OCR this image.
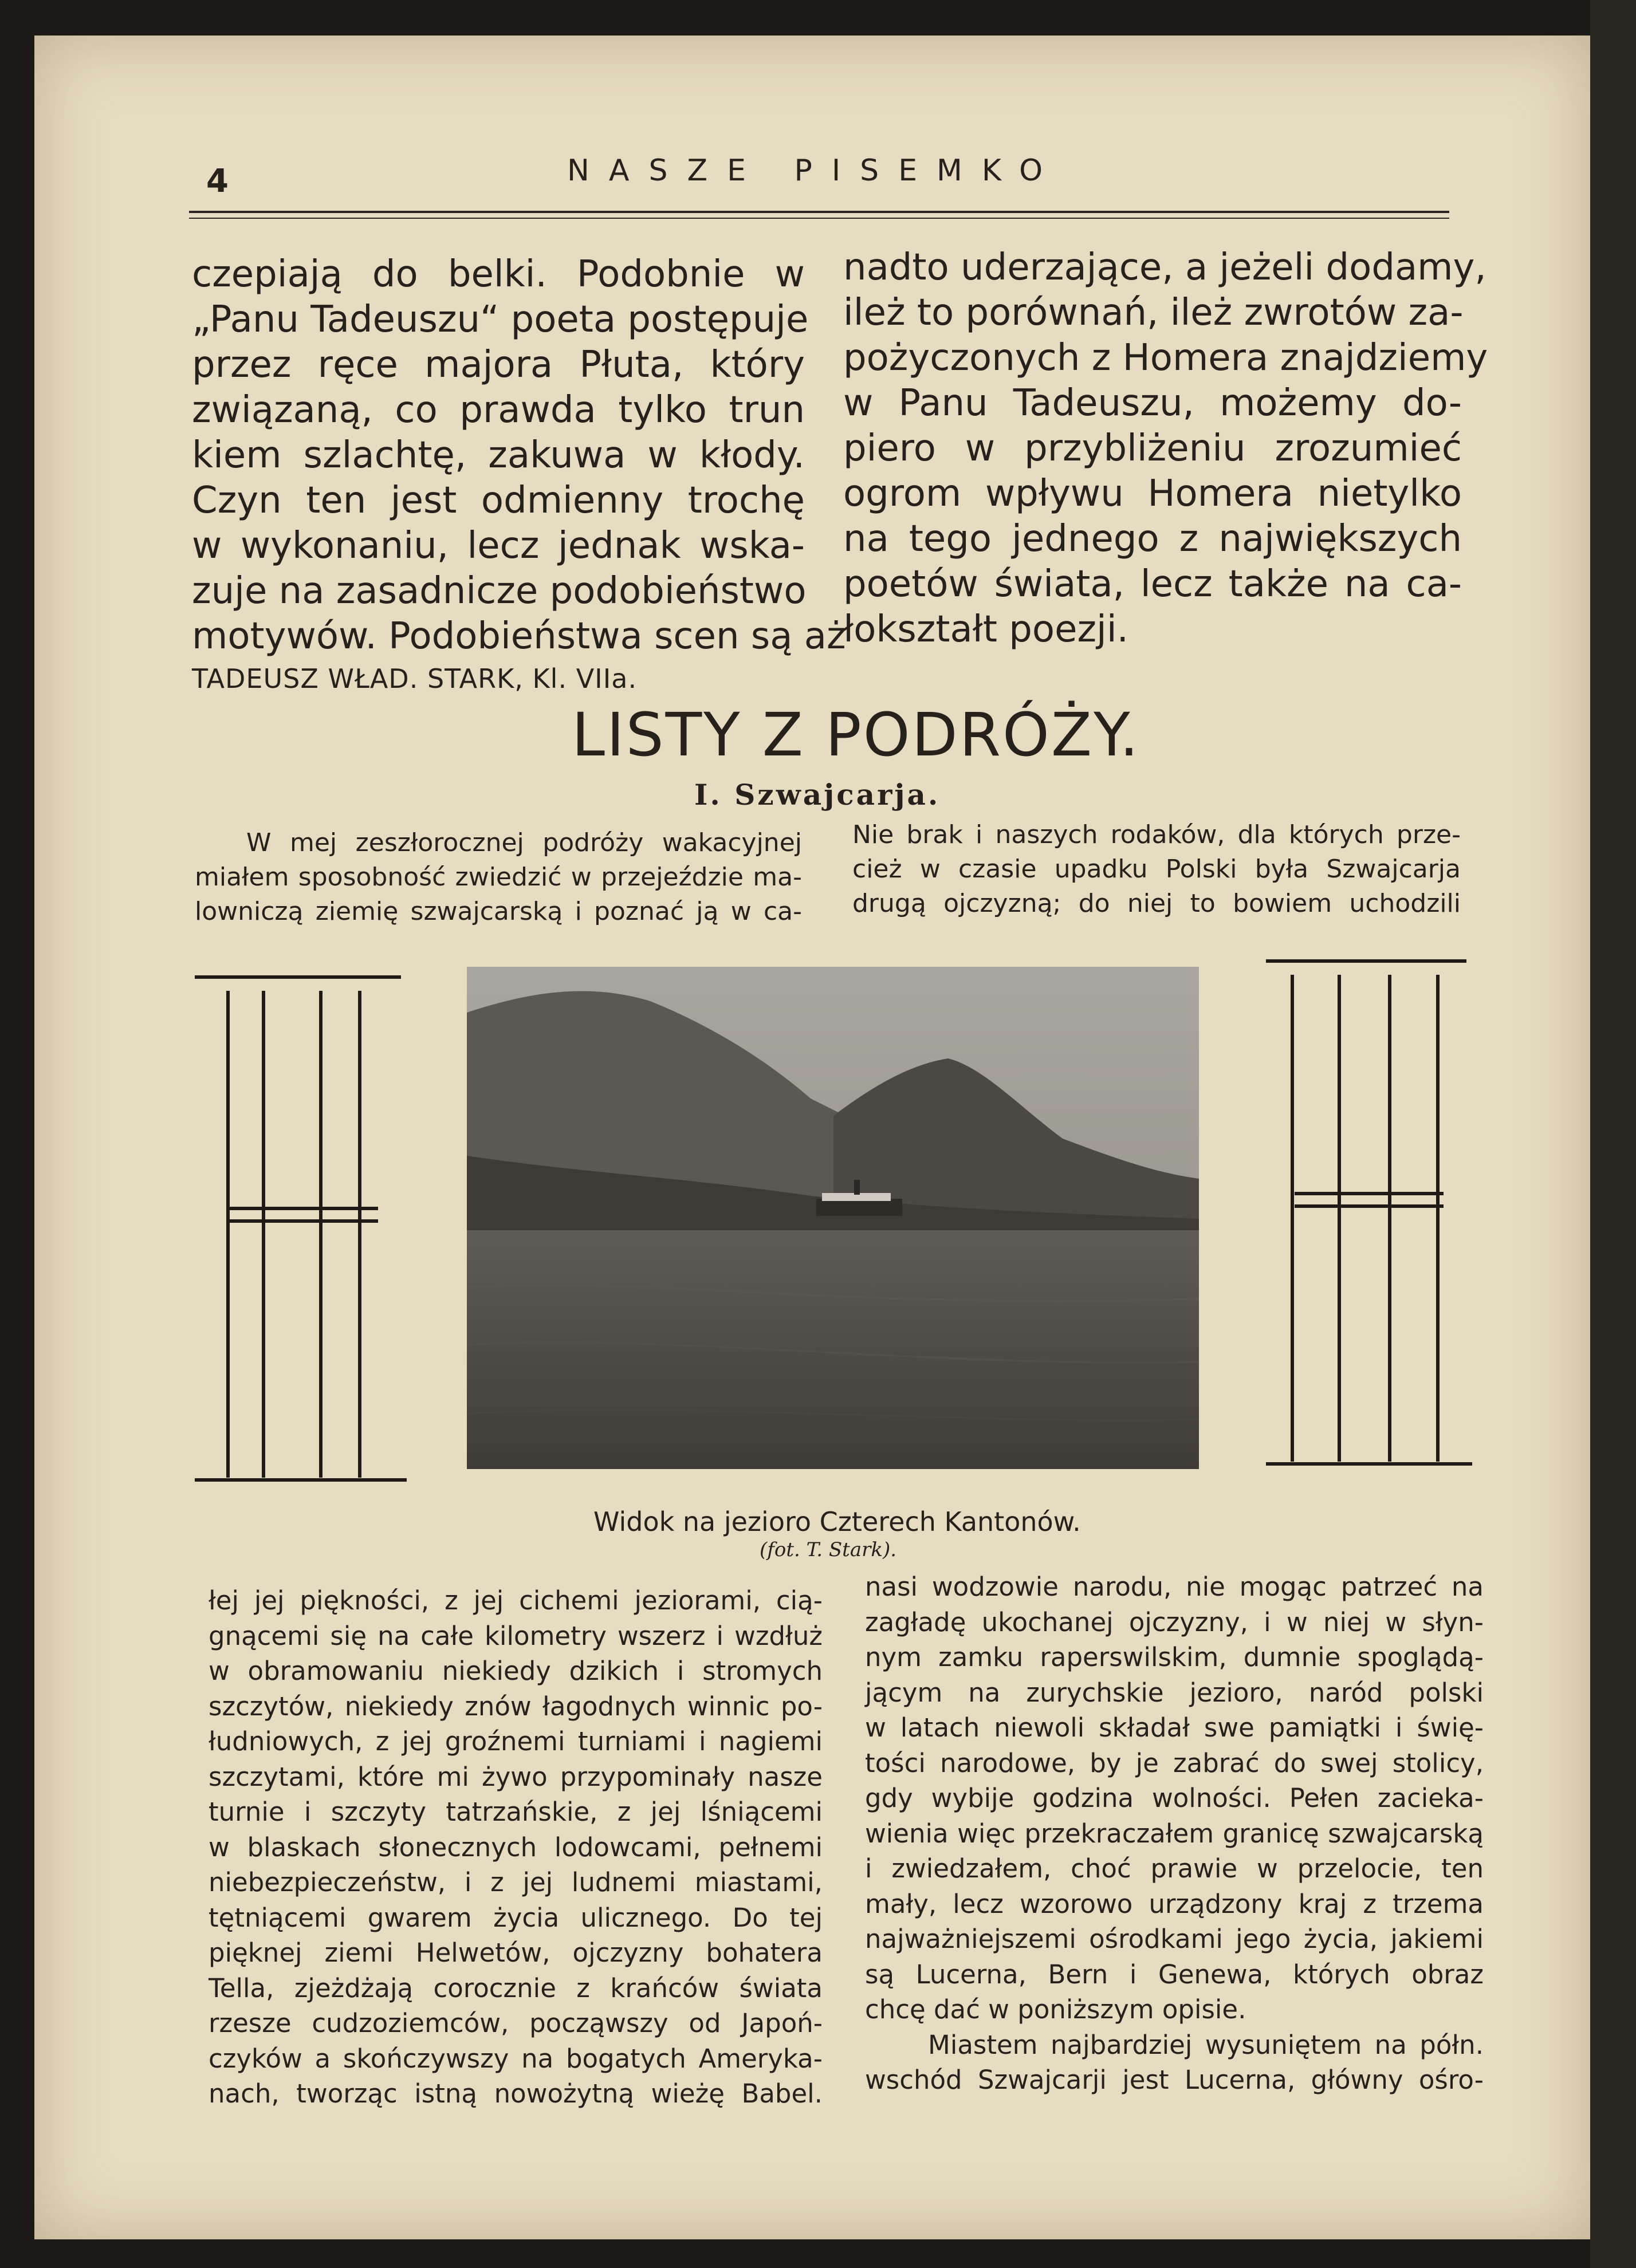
4	NASZE PISEMKO
czepiają do belki. Podobnie w
„Panu Tadeuszu“ poeta postępuje
przez ręce majora Płuta, który
związaną, co prawda tylko trun
kiem szlachtę, zakuwa w kłody.
Czyn ten jest odmienny trochę
w wykonaniu, lecz jednak wska-
zuje na zasadnicze podobieństwo
motywów. Podobieństwa scen są aż
nadto uderzające, a jeżeli dodamy,
ileż to porównań, ileż zwrotów za-
pożyczonych z Homera znajdziemy
w Panu Tadeuszu, możemy do-
piero w przybliżeniu zrozumieć
ogrom wpływu Homera nietylko
na tego jednego z największych
poetów świata, lecz także na ca-
łokształt poezji.
TADEUSZ WŁAD. STARK, Kl. VIIa.
LISTY Z PODRÓŻY.
I. Szwajcarja.
W mej zeszłorocznej podróży wakacyjnej
miałem sposobność zwiedzić w przejeździe ma-
lowniczą ziemię szwajcarską i poznać ją w ca-
Nie brak i naszych rodaków, dla których prze-
cież w czasie upadku Polski była Szwajcarja
drugą ojczyzną; do niej to bowiem uchodzili
Widok na jezioro Czterech Kantonów.
(fot. T. Stark).
łej jej piękności, z jej cichemi jeziorami, cią-
gnącemi się na całe kilometry wszerz i wzdłuż
w obramowaniu niekiedy dzikich i stromych
szczytów, niekiedy znów łagodnych winnic po-
łudniowych, z jej groźnemi turniami i nagiemi
szczytami, które mi żywo przypominały nasze
turnie i szczyty tatrzańskie, z jej lśniącemi
w blaskach słonecznych lodowcami, pełnemi
niebezpieczeństw, i z jej ludnemi miastami,
tętniącemi gwarem życia ulicznego. Do tej
pięknej ziemi Helwetów, ojczyzny bohatera
Tella, zjeżdżają corocznie z krańców świata
rzesze cudzoziemców, począwszy od Japoń-
czyków a skończywszy na bogatych Ameryka-
nach, tworząc istną nowożytną wieżę Babel.
nasi wodzowie narodu, nie mogąc patrzeć na
zagładę ukochanej ojczyzny, i w niej w słyn-
nym zamku raperswilskim, dumnie spoglądą-
jącym na zurychskie jezioro, naród polski
w latach niewoli składał swe pamiątki i świę-
tości narodowe, by je zabrać do swej stolicy,
gdy wybije godzina wolności. Pełen zacieka-
wienia więc przekraczałem granicę szwajcarską
i zwiedzałem, choć prawie w przelocie, ten
mały, lecz wzorowo urządzony kraj z trzema
najważniejszemi ośrodkami jego życia, jakiemi
są Lucerna, Bern i Genewa, których obraz
chcę dać w poniższym opisie.
Miastem najbardziej wysuniętem na półn.
wschód Szwajcarji jest Lucerna, główny ośro-
